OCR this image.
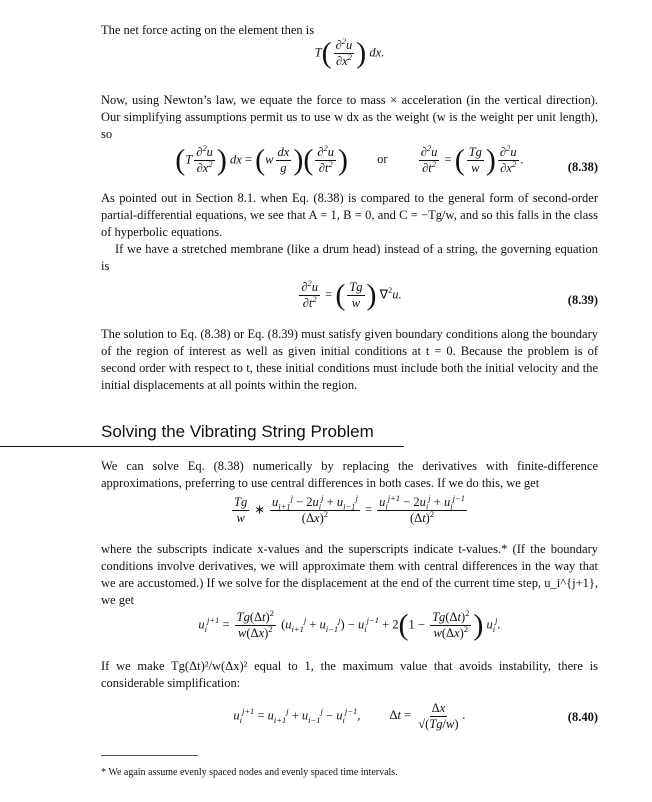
The net force acting on the element then is

$T( \frac{\partial^2u}{\partial x^2}$ ) dx.

Now, using Newton’s law, we equate the force to mass × acceleration (in the vertical direction). Our simplifying assumptions permit us to use w dx as the weight (w is the weight per unit length), so

($T \frac{\partial^2u}{\partial x^2}$ ) dx = ($w \frac{dx}{g}$ )( $\frac{\partial^2u}{\partial t^2}$ ) or $\frac{\partial^2u}{\partial t^2}$ = ( $\frac{Tg}{w}$ ) $\frac{\partial^2u}{\partial x^2}$ .
(8.38)

As pointed out in Section 8.1. when Eq. (8.38) is compared to the general form of second-order partial-differential equations, we see that A = 1, B = 0, and C = −Tg/w, and so this falls in the class of hyperbolic equations.

If we have a stretched membrane (like a drum head) instead of a string, the governing equation is

$\frac{\partial^2u}{\partial t^2}$ = ( $\frac{Tg}{w}$ ) ∇$^2$u.	(8.39)

The solution to Eq. (8.38) or Eq. (8.39) must satisfy given boundary conditions along the boundary of the region of interest as well as given initial conditions at t = 0. Because the problem is of second order with respect to t, these initial conditions must include both the initial velocity and the initial displacements at all points within the region.

Solving the Vibrating String Problem

We can solve Eq. (8.38) numerically by replacing the derivatives with finite-difference approximations, preferring to use central differences in both cases. If we do this, we get

$\frac{Tg}{w}$ ∗ $\frac{u_{i+1}^j - 2u_i^j + u_{i-1}^j}{(\Delta x)^2} = \frac{u_i^{j+1} - 2u_i^j + u_i^{j-1}}{(\Delta t)^2}$

where the subscripts indicate x-values and the superscripts indicate t-values.* (If the boundary conditions involve derivatives, we will approximate them with central differences in the way that we are accustomed.) If we solve for the displacement at the end of the current time step, u_i^{j+1}, we get

$u_i^{j+1} = \frac{Tg(\Delta t)^2}{w(\Delta x)^2} (u_{i+1}^j + u_{i-1}^j) - u_i^{j-1} + 2(1 - \frac{Tg(\Delta t)^2}{w(\Delta x)^2}$ ) $u_i^j$.

If we make Tg(Δt)²/w(Δx)² equal to 1, the maximum value that avoids instability, there is considerable simplification:

$u_i^{j+1} = u_{i+1}^j + u_{i-1}^j - u_i^{j-1}$, $\Delta t = \frac{\Delta x}{√(Tg/w)}$ .	(8.40)

* We again assume evenly spaced nodes and evenly spaced time intervals.
